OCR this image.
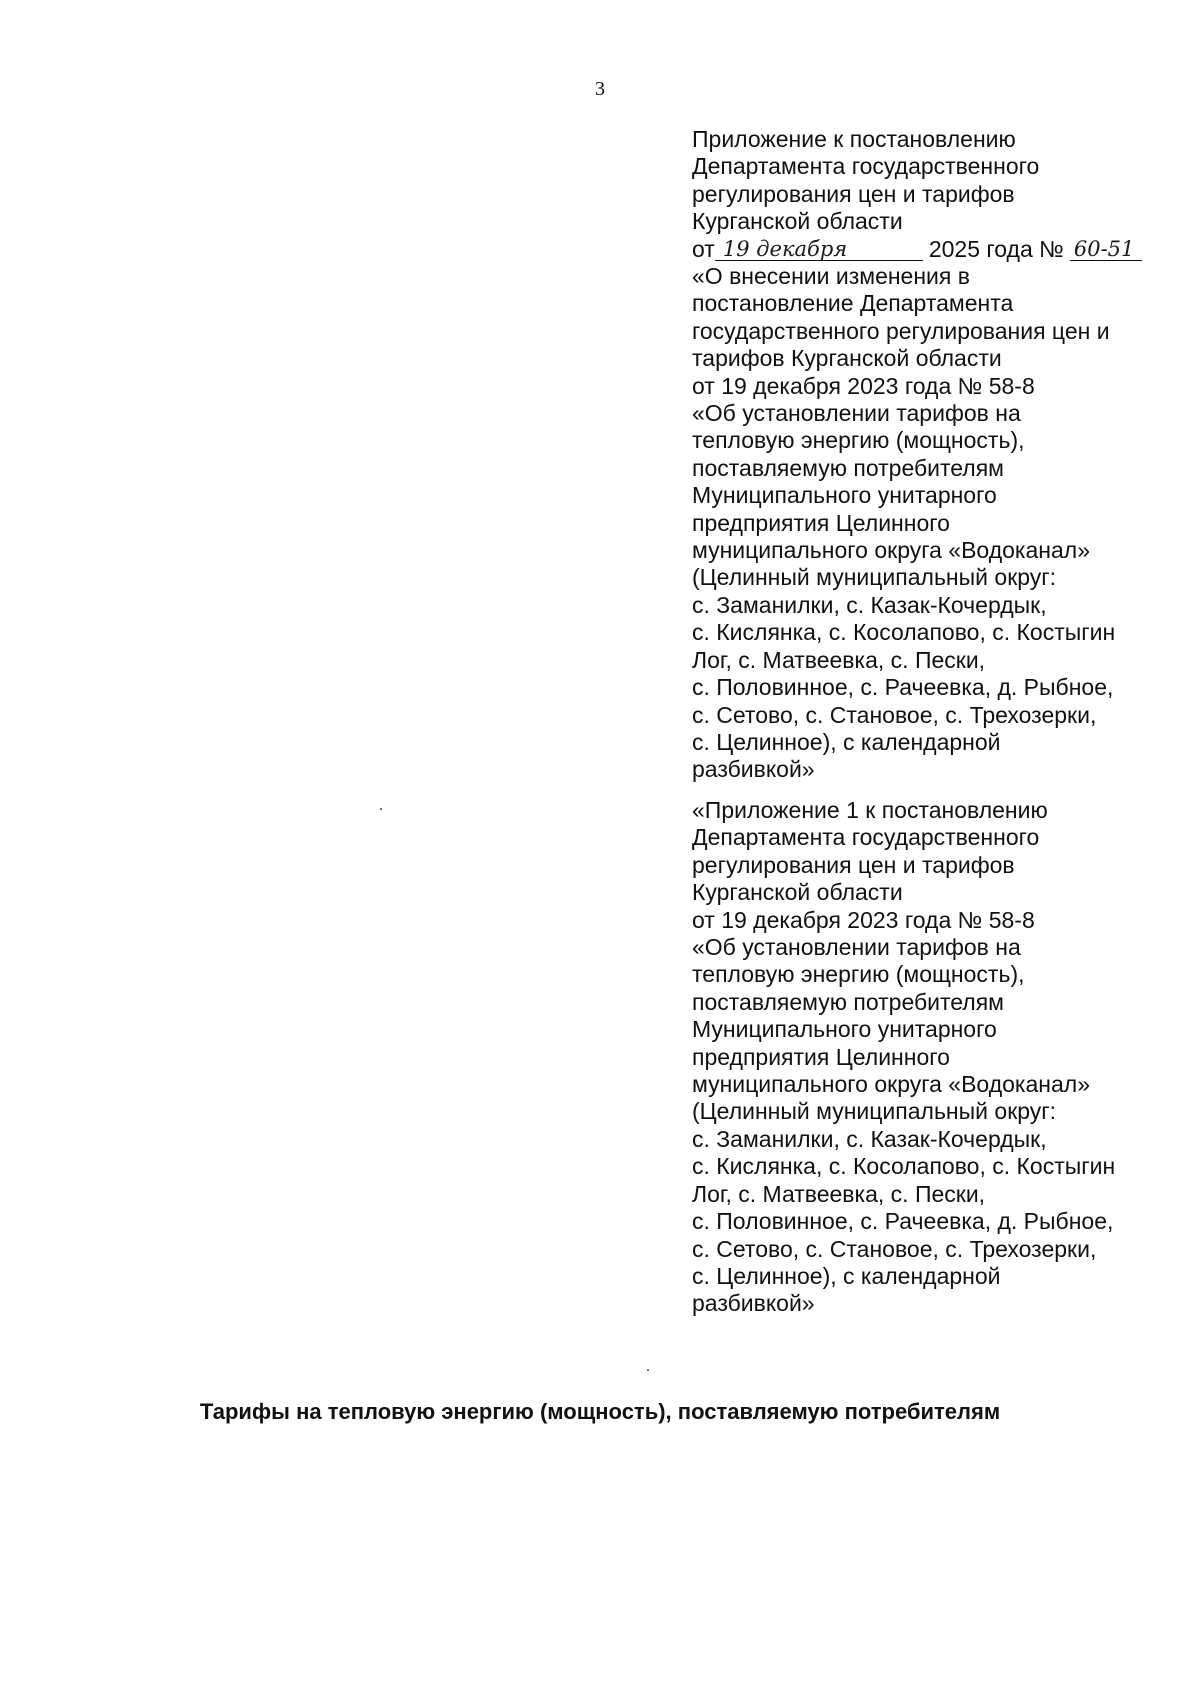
3
Приложение к постановлению
Департамента государственного
регулирования цен и тарифов
Курганской области
от 19 декабря	2025 года № 60-51
«О внесении изменения в
постановление Департамента
государственного регулирования цен и
тарифов Курганской области
от 19 декабря 2023 года № 58-8
«Об установлении тарифов на
тепловую энергию (мощность),
поставляемую потребителям
Муниципального унитарного
предприятия Целинного
муниципального округа «Водоканал»
(Целинный муниципальный округ:
с. Заманилки, с. Казак-Кочердык,
с. Кислянка, с. Косолапово, с. Костыгин
Лог, с. Матвеевка, с. Пески,
с. Половинное, с. Рачеевка, д. Рыбное,
с. Сетово, с. Становое, с. Трехозерки,
с. Целинное), с календарной
разбивкой»
«Приложение 1 к постановлению
Департамента государственного
регулирования цен и тарифов
Курганской области
от 19 декабря 2023 года № 58-8
«Об установлении тарифов на
тепловую энергию (мощность),
поставляемую потребителям
Муниципального унитарного
предприятия Целинного
муниципального округа «Водоканал»
(Целинный муниципальный округ:
с. Заманилки, с. Казак-Кочердык,
с. Кислянка, с. Косолапово, с. Костыгин
Лог, с. Матвеевка, с. Пески,
с. Половинное, с. Рачеевка, д. Рыбное,
с. Сетово, с. Становое, с. Трехозерки,
с. Целинное), с календарной
разбивкой»
Тарифы на тепловую энергию (мощность), поставляемую потребителям
